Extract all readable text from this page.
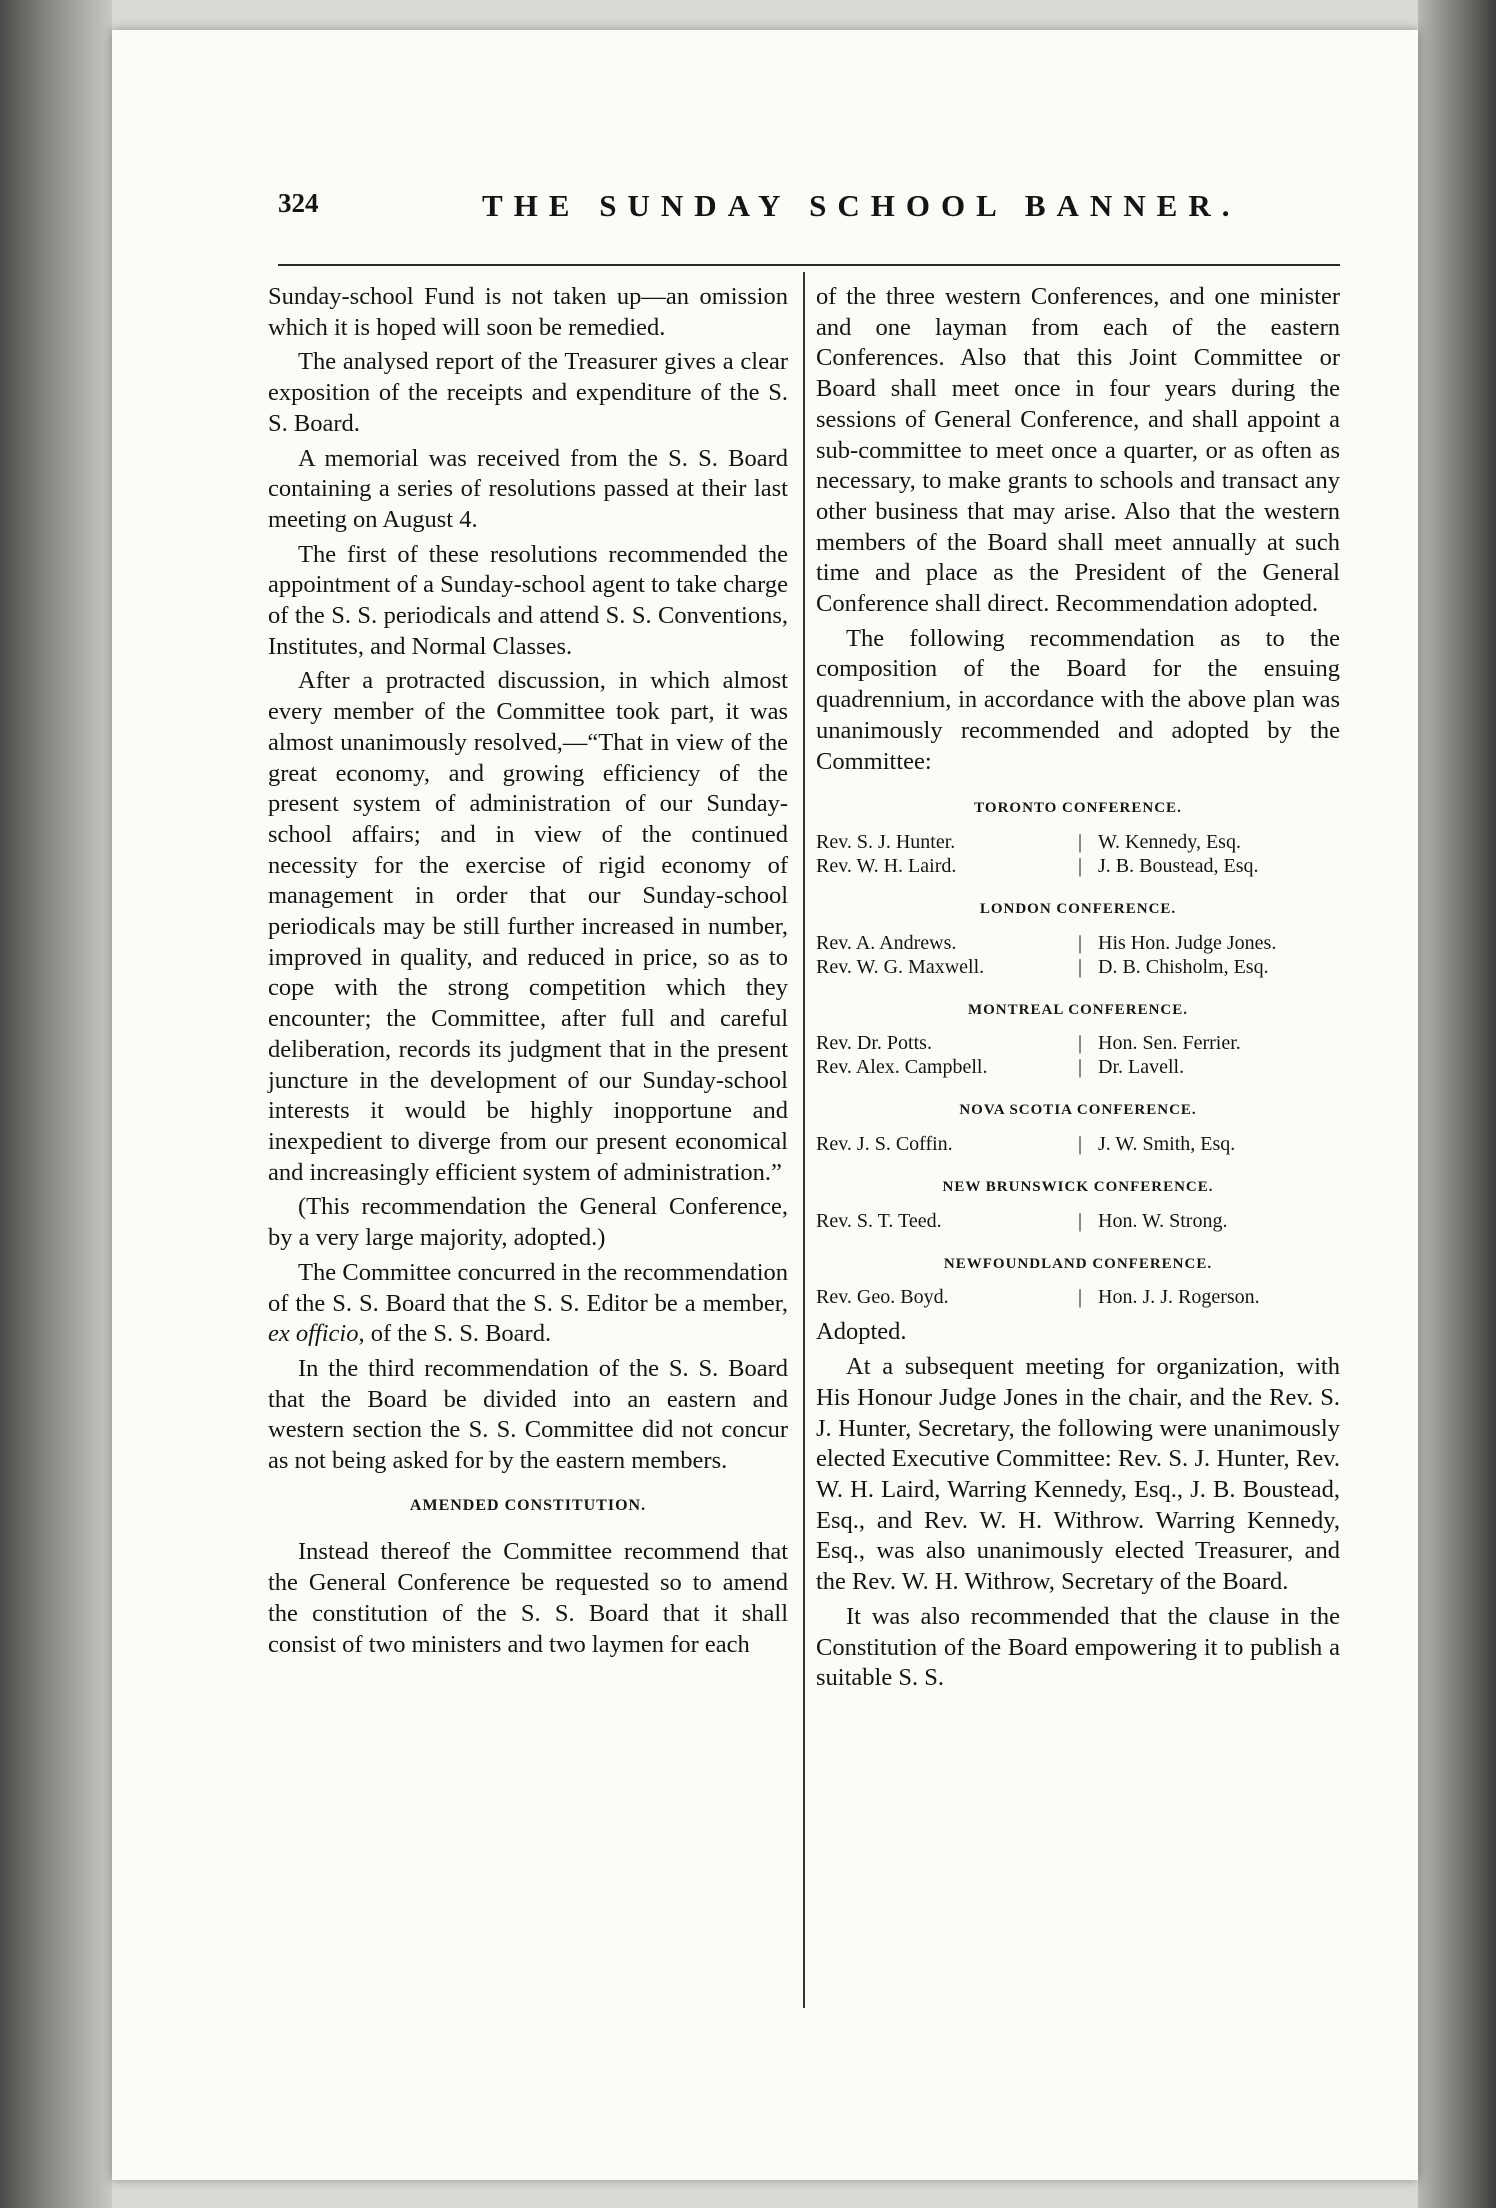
324	THE SUNDAY SCHOOL BANNER.

Sunday-school Fund is not taken up—an omission which it is hoped will soon be remedied.

The analysed report of the Treasurer gives a clear exposition of the receipts and expenditure of the S. S. Board.

A memorial was received from the S. S. Board containing a series of resolutions passed at their last meeting on August 4.

The first of these resolutions recommended the appointment of a Sunday-school agent to take charge of the S. S. periodicals and attend S. S. Conventions, Institutes, and Normal Classes.

After a protracted discussion, in which almost every member of the Committee took part, it was almost unanimously resolved,—“That in view of the great economy, and growing efficiency of the present system of administration of our Sunday-school affairs; and in view of the continued necessity for the exercise of rigid economy of management in order that our Sunday-school periodicals may be still further increased in number, improved in quality, and reduced in price, so as to cope with the strong competition which they encounter; the Committee, after full and careful deliberation, records its judgment that in the present juncture in the development of our Sunday-school interests it would be highly inopportune and inexpedient to diverge from our present economical and increasingly efficient system of administration.”

(This recommendation the General Conference, by a very large majority, adopted.)

The Committee concurred in the recommendation of the S. S. Board that the S. S. Editor be a member, ex officio, of the S. S. Board.

In the third recommendation of the S. S. Board that the Board be divided into an eastern and western section the S. S. Committee did not concur as not being asked for by the eastern members.

AMENDED CONSTITUTION.

Instead thereof the Committee recommend that the General Conference be requested so to amend the constitution of the S. S. Board that it shall consist of two ministers and two laymen for each

of the three western Conferences, and one minister and one layman from each of the eastern Conferences. Also that this Joint Committee or Board shall meet once in four years during the sessions of General Conference, and shall appoint a sub-committee to meet once a quarter, or as often as necessary, to make grants to schools and transact any other business that may arise. Also that the western members of the Board shall meet annually at such time and place as the President of the General Conference shall direct. Recommendation adopted.

The following recommendation as to the composition of the Board for the ensuing quadrennium, in accordance with the above plan was unanimously recommended and adopted by the Committee:

TORONTO CONFERENCE.
Rev. S. J. Hunter.	| W. Kennedy, Esq.
Rev. W. H. Laird.	| J. B. Boustead, Esq.
LONDON CONFERENCE.
Rev. A. Andrews.	| His Hon. Judge Jones.
Rev. W. G. Maxwell.	| D. B. Chisholm, Esq.
MONTREAL CONFERENCE.
Rev. Dr. Potts.	| Hon. Sen. Ferrier.
Rev. Alex. Campbell.	| Dr. Lavell.
NOVA SCOTIA CONFERENCE.
Rev. J. S. Coffin.	| J. W. Smith, Esq.
NEW BRUNSWICK CONFERENCE.
Rev. S. T. Teed.	| Hon. W. Strong.
NEWFOUNDLAND CONFERENCE.
Rev. Geo. Boyd.	| Hon. J. J. Rogerson.

Adopted.

At a subsequent meeting for organization, with His Honour Judge Jones in the chair, and the Rev. S. J. Hunter, Secretary, the following were unanimously elected Executive Committee: Rev. S. J. Hunter, Rev. W. H. Laird, Warring Kennedy, Esq., J. B. Boustead, Esq., and Rev. W. H. Withrow. Warring Kennedy, Esq., was also unanimously elected Treasurer, and the Rev. W. H. Withrow, Secretary of the Board.

It was also recommended that the clause in the Constitution of the Board empowering it to publish a suitable S. S.
